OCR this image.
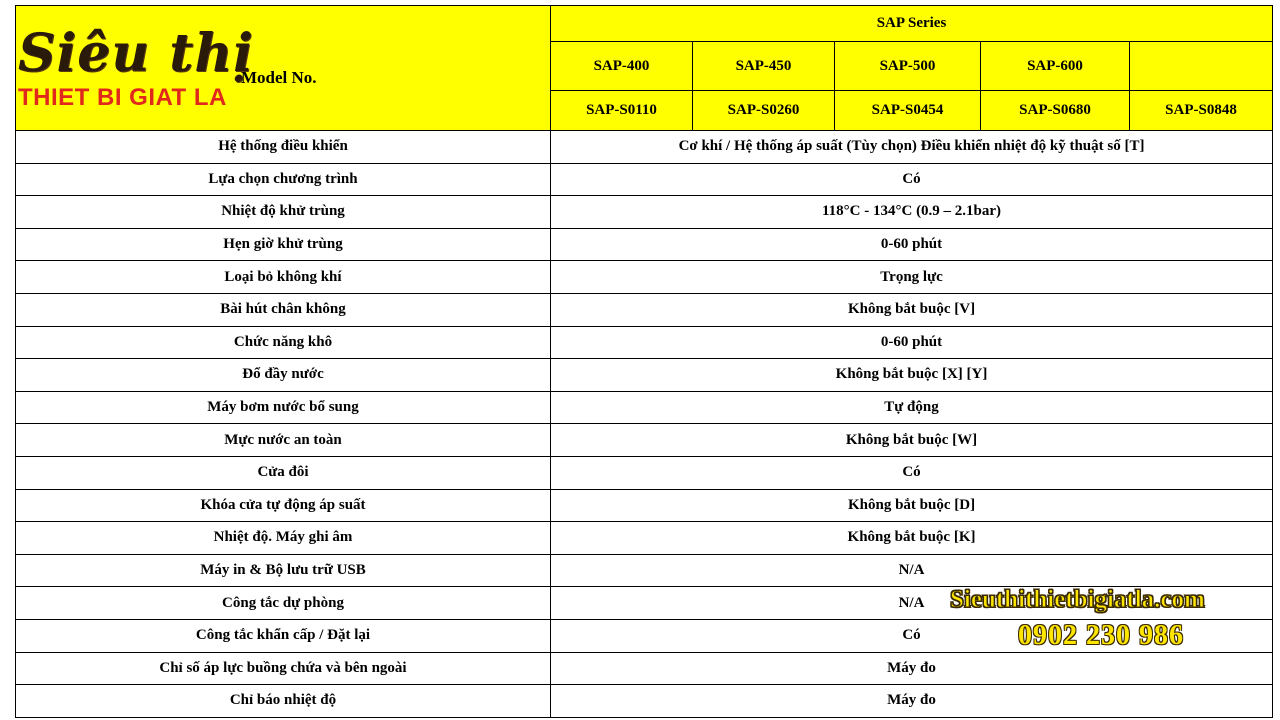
Siêu thị
THIET BI GIAT LA
Model No.	SAP Series				
	SAP-400	SAP-450	SAP-500	SAP-600	
	SAP-S0110	SAP-S0260	SAP-S0454	SAP-S0680	SAP-S0848
Hệ thống điều khiển	Cơ khí / Hệ thống áp suất (Tùy chọn) Điều khiển nhiệt độ kỹ thuật số [T]				
Lựa chọn chương trình	Có				
Nhiệt độ khử trùng	118°C - 134°C (0.9 – 2.1bar)				
Hẹn giờ khử trùng	0-60 phút				
Loại bỏ không khí	Trọng lực				
Bài hút chân không	Không bắt buộc [V]				
Chức năng khô	0-60 phút				
Đổ đầy nước	Không bắt buộc [X] [Y]				
Máy bơm nước bổ sung	Tự động				
Mực nước an toàn	Không bắt buộc [W]				
Cửa đôi	Có				
Khóa cửa tự động áp suất	Không bắt buộc [D]				
Nhiệt độ. Máy ghi âm	Không bắt buộc [K]				
Máy in & Bộ lưu trữ USB	N/A				
Công tắc dự phòng	N/A				
Công tắc khẩn cấp / Đặt lại	Có				
Chỉ số áp lực buồng chứa và bên ngoài	Máy đo				
Chỉ báo nhiệt độ	Máy đo				
Sieuthithietbigiatla.com
0902 230 986
